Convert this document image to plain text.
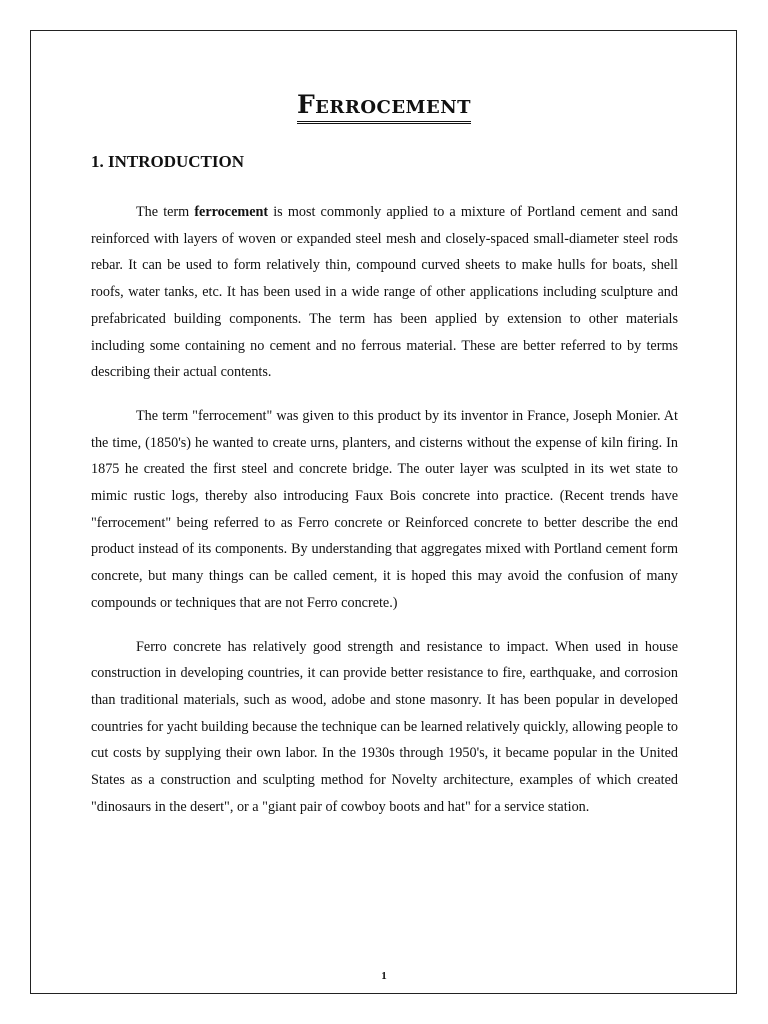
Ferrocement
1. INTRODUCTION

The term ferrocement is most commonly applied to a mixture of Portland cement and sand reinforced with layers of woven or expanded steel mesh and closely-spaced small-diameter steel rods rebar. It can be used to form relatively thin, compound curved sheets to make hulls for boats, shell roofs, water tanks, etc. It has been used in a wide range of other applications including sculpture and prefabricated building components. The term has been applied by extension to other materials including some containing no cement and no ferrous material. These are better referred to by terms describing their actual contents.

The term "ferrocement" was given to this product by its inventor in France, Joseph Monier. At the time, (1850's) he wanted to create urns, planters, and cisterns without the expense of kiln firing. In 1875 he created the first steel and concrete bridge. The outer layer was sculpted in its wet state to mimic rustic logs, thereby also introducing Faux Bois concrete into practice. (Recent trends have "ferrocement" being referred to as Ferro concrete or Reinforced concrete to better describe the end product instead of its components. By understanding that aggregates mixed with Portland cement form concrete, but many things can be called cement, it is hoped this may avoid the confusion of many compounds or techniques that are not Ferro concrete.)

Ferro concrete has relatively good strength and resistance to impact. When used in house construction in developing countries, it can provide better resistance to fire, earthquake, and corrosion than traditional materials, such as wood, adobe and stone masonry. It has been popular in developed countries for yacht building because the technique can be learned relatively quickly, allowing people to cut costs by supplying their own labor. In the 1930s through 1950's, it became popular in the United States as a construction and sculpting method for Novelty architecture, examples of which created "dinosaurs in the desert", or a "giant pair of cowboy boots and hat" for a service station.

1
